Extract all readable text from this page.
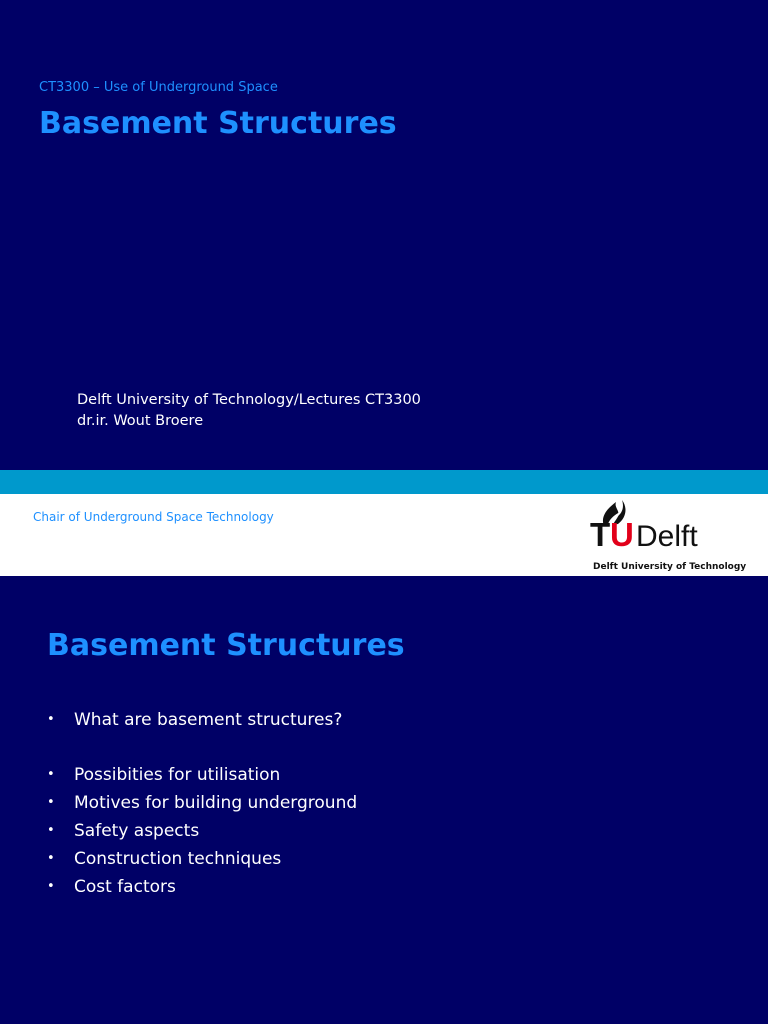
CT3300 – Use of Underground Space
Basement Structures
Delft University of Technology/Lectures CT3300
dr.ir. Wout Broere
Chair of Underground Space Technology	T U Delft
Delft University of Technology
Basement Structures
• What are basement structures?
• Possibities for utilisation
• Motives for building underground
• Safety aspects
• Construction techniques
• Cost factors
